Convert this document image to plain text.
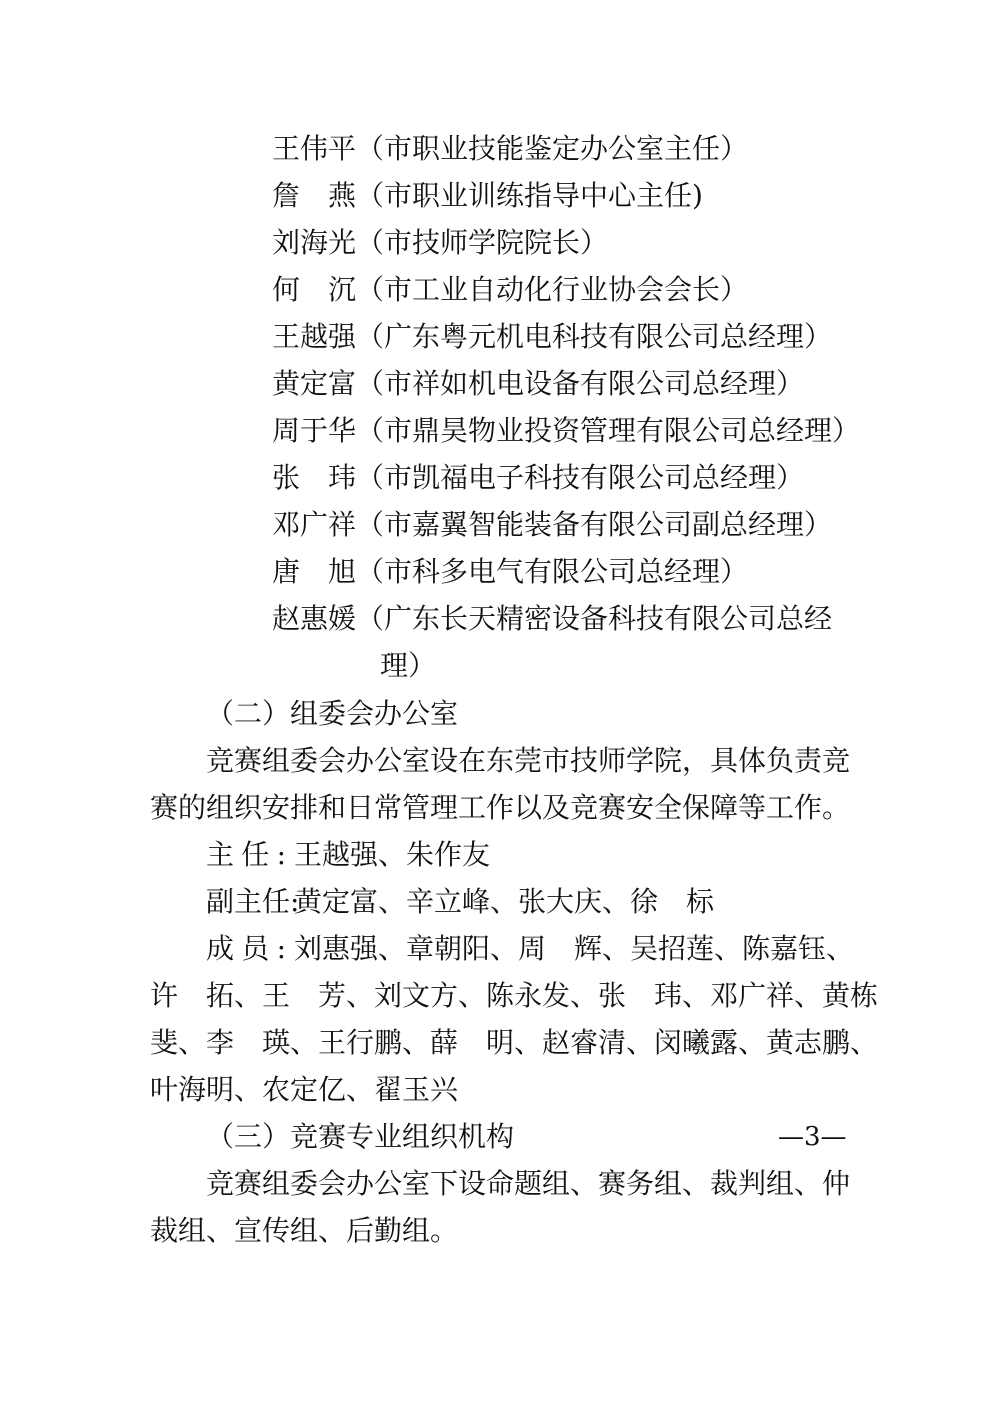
王伟平（市职业技能鉴定办公室主任）
詹燕（市职业训练指导中心主任)
刘海光（市技师学院院长）
何沉（市工业自动化行业协会会长）
王越强（广东粤元机电科技有限公司总经理）
黄定富（市祥如机电设备有限公司总经理）
周于华（市鼎昊物业投资管理有限公司总经理）
张玮（市凯福电子科技有限公司总经理）
邓广祥（市嘉翼智能装备有限公司副总经理）
唐旭（市科多电气有限公司总经理）
赵惠媛（广东长天精密设备科技有限公司总经
理）
（二）组委会办公室
竞赛组委会办公室设在东莞市技师学院，具体负责竞
赛的组织安排和日常管理工作以及竞赛安全保障等工作。
主任: 王越强、朱作友
副主任:黄定富、辛立峰、张大庆、徐　标
成员: 刘惠强、章朝阳、周　辉、吴招莲、陈嘉钰、
许　拓、王　芳、刘文方、陈永发、张　玮、邓广祥、黄栋
斐、李　瑛、王行鹏、薛　明、赵睿清、闵曦露、黄志鹏、
叶海明、农定亿、翟玉兴
（三）竞赛专业组织机构
竞赛组委会办公室下设命题组、赛务组、裁判组、仲
裁组、宣传组、后勤组。
—3—
